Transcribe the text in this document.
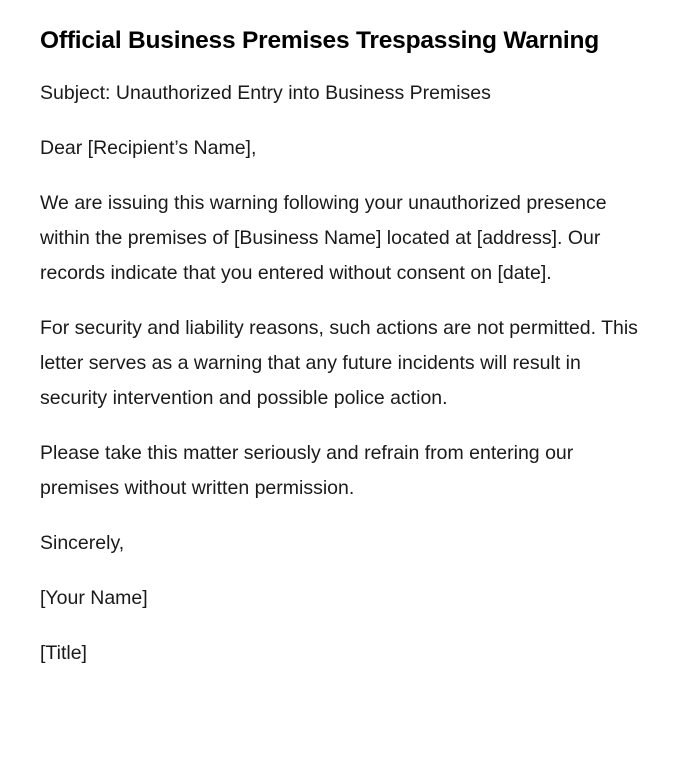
Official Business Premises Trespassing Warning

Subject: Unauthorized Entry into Business Premises

Dear [Recipient’s Name],

We are issuing this warning following your unauthorized presence within the premises of [Business Name] located at [address]. Our records indicate that you entered without consent on [date].

For security and liability reasons, such actions are not permitted. This letter serves as a warning that any future incidents will result in security intervention and possible police action.

Please take this matter seriously and refrain from entering our premises without written permission.

Sincerely,

[Your Name]

[Title]
